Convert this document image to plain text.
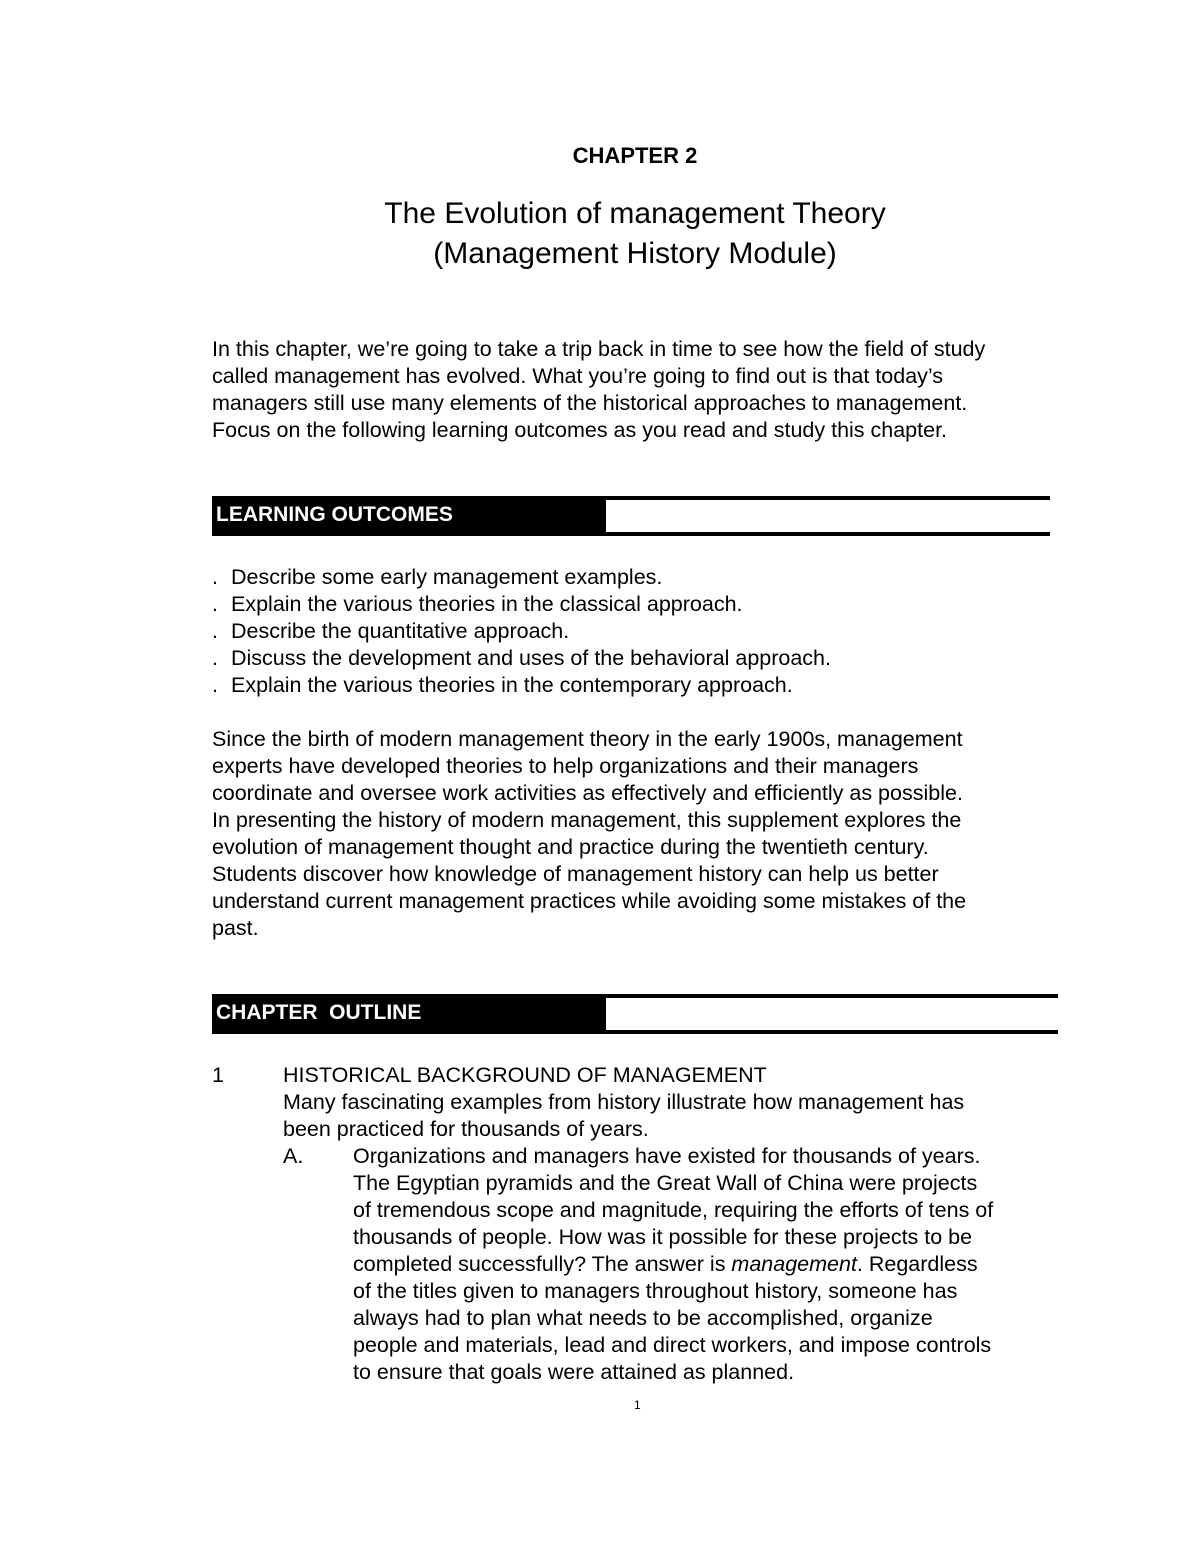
CHAPTER 2
The Evolution of management Theory
(Management History Module)
In this chapter, we’re going to take a trip back in time to see how the field of study
called management has evolved. What you’re going to find out is that today’s
managers still use many elements of the historical approaches to management.
Focus on the following learning outcomes as you read and study this chapter.
LEARNING OUTCOMES
. Describe some early management examples.
. Explain the various theories in the classical approach.
. Describe the quantitative approach.
. Discuss the development and uses of the behavioral approach.
. Explain the various theories in the contemporary approach.
Since the birth of modern management theory in the early 1900s, management
experts have developed theories to help organizations and their managers
coordinate and oversee work activities as effectively and efficiently as possible.
In presenting the history of modern management, this supplement explores the
evolution of management thought and practice during the twentieth century.
Students discover how knowledge of management history can help us better
understand current management practices while avoiding some mistakes of the
past.
CHAPTER  OUTLINE
1	HISTORICAL BACKGROUND OF MANAGEMENT
Many fascinating examples from history illustrate how management has
been practiced for thousands of years.
A. Organizations and managers have existed for thousands of years.
The Egyptian pyramids and the Great Wall of China were projects
of tremendous scope and magnitude, requiring the efforts of tens of
thousands of people. How was it possible for these projects to be
completed successfully? The answer is management. Regardless
of the titles given to managers throughout history, someone has
always had to plan what needs to be accomplished, organize
people and materials, lead and direct workers, and impose controls
to ensure that goals were attained as planned.
1
